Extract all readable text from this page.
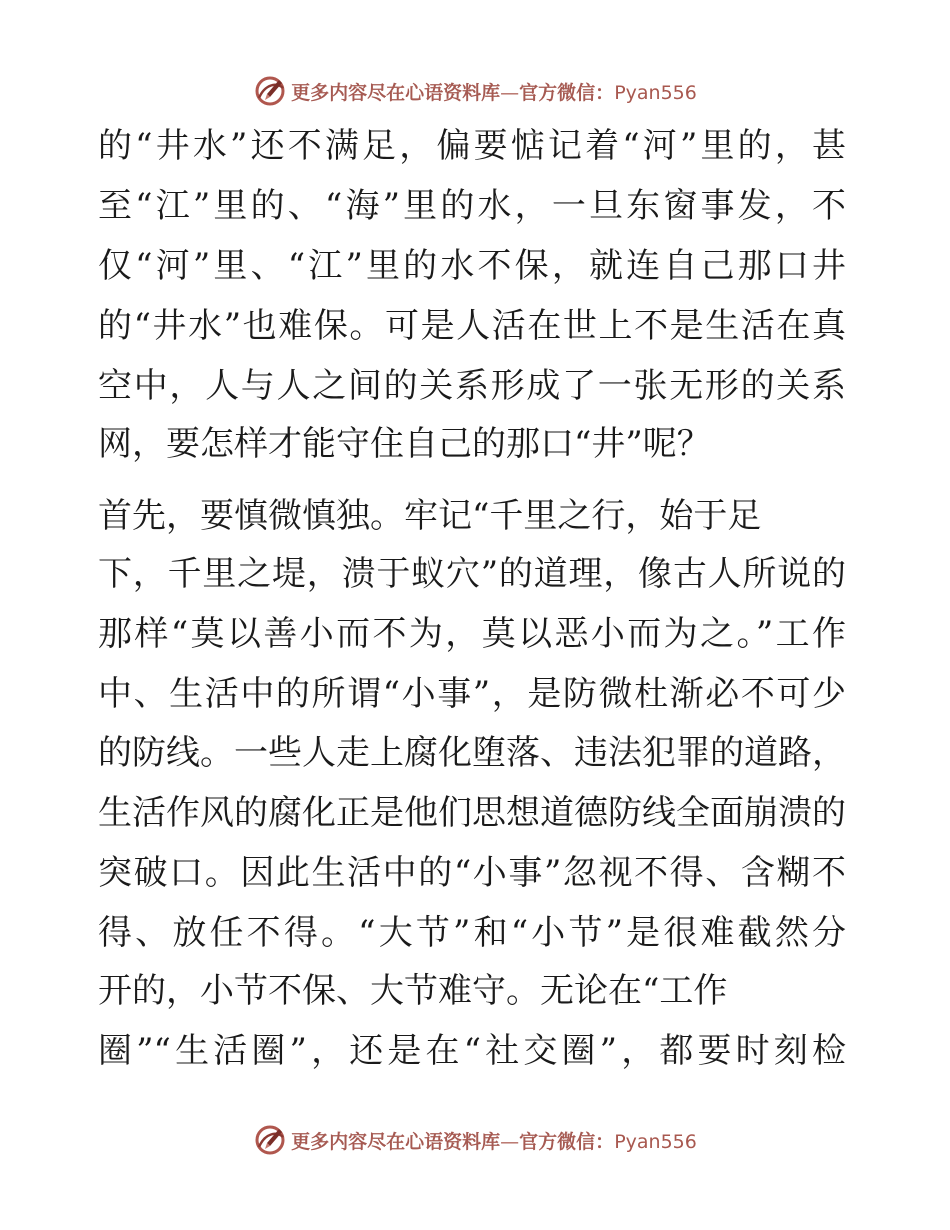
更多内容尽在心语资料库—官方微信：Pyan556
的“井水”还不满足，偏要惦记着“河”里的，甚
至“江”里的、“海”里的水，一旦东窗事发，不
仅“河”里、“江”里的水不保，就连自己那口井
的“井水”也难保。可是人活在世上不是生活在真
空中，人与人之间的关系形成了一张无形的关系
网，要怎样才能守住自己的那口“井”呢？
首先，要慎微慎独。牢记“千里之行，始于足
下，千里之堤，溃于蚁穴”的道理，像古人所说的
那样“莫以善小而不为，莫以恶小而为之。”工作
中、生活中的所谓“小事”，是防微杜渐必不可少
的防线。一些人走上腐化堕落、违法犯罪的道路，
生活作风的腐化正是他们思想道德防线全面崩溃的
突破口。因此生活中的“小事”忽视不得、含糊不
得、放任不得。“大节”和“小节”是很难截然分
开的，小节不保、大节难守。无论在“工作
圈”“生活圈”，还是在“社交圈”，都要时刻检
更多内容尽在心语资料库—官方微信：Pyan556
